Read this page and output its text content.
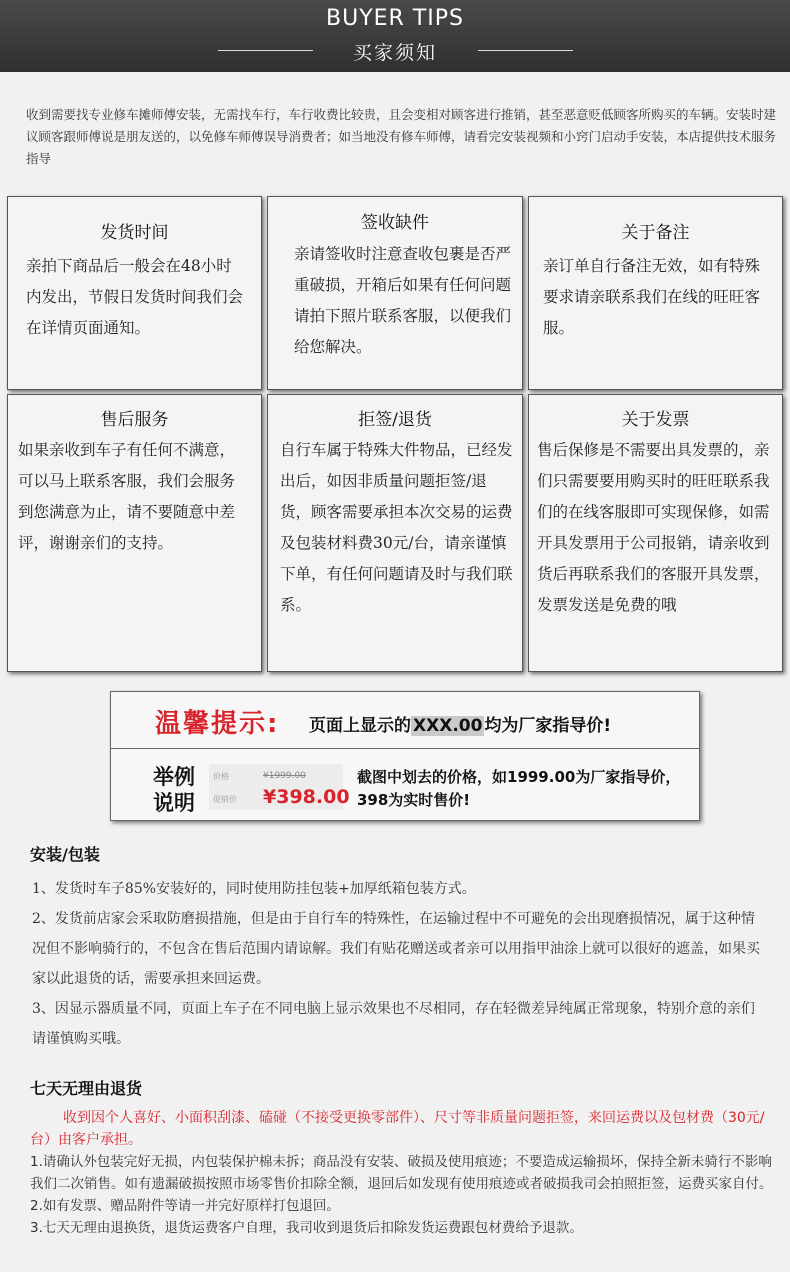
BUYER TIPS
买家须知
收到需要找专业修车摊师傅安装，无需找车行，车行收费比较贵，且会变相对顾客进行推销，甚至恶意贬低顾客所购买的车辆。安装时建议顾客跟师傅说是朋友送的，以免修车师傅误导消费者；如当地没有修车师傅，请看完安装视频和小窍门启动手安装，本店提供技术服务指导
发货时间
亲拍下商品后一般会在48小时内发出，节假日发货时间我们会在详情页面通知。
签收缺件
亲请签收时注意查收包裹是否严重破损，开箱后如果有任何问题请拍下照片联系客服，以便我们给您解决。
关于备注
亲订单自行备注无效，如有特殊要求请亲联系我们在线的旺旺客服。
售后服务
如果亲收到车子有任何不满意，可以马上联系客服，我们会服务到您满意为止，请不要随意中差评，谢谢亲们的支持。
拒签/退货
自行车属于特殊大件物品，已经发出后，如因非质量问题拒签/退货，顾客需要承担本次交易的运费及包装材料费30元/台，请亲谨慎下单，有任何问题请及时与我们联系。
关于发票
售后保修是不需要出具发票的，亲们只需要要用购买时的旺旺联系我们的在线客服即可实现保修，如需开具发票用于公司报销，请亲收到货后再联系我们的客服开具发票，发票发送是免费的哦
温馨提示: 页面上显示的 XXX.00 均为厂家指导价!
举例
说明
价格	¥1999.00
促销价 ¥398.00
截图中划去的价格，如1999.00为厂家指导价，398为实时售价!
安装/包装
1、发货时车子85%安装好的，同时使用防挂包装+加厚纸箱包装方式。
2、发货前店家会采取防磨损措施，但是由于自行车的特殊性，在运输过程中不可避免的会出现磨损情况，属于这种情况但不影响骑行的，不包含在售后范围内请谅解。我们有贴花赠送或者亲可以用指甲油涂上就可以很好的遮盖，如果买家以此退货的话，需要承担来回运费。
3、因显示器质量不同，页面上车子在不同电脑上显示效果也不尽相同，存在轻微差异纯属正常现象，特别介意的亲们请谨慎购买哦。
七天无理由退货
收到因个人喜好、小面积刮漆、磕碰（不接受更换零部件）、尺寸等非质量问题拒签，来回运费以及包材费（30元/台）由客户承担。
1.请确认外包装完好无损，内包装保护棉未拆；商品没有安装、破损及使用痕迹；不要造成运输损坏，保持全新未骑行不影响我们二次销售。如有遗漏破损按照市场零售价扣除全额，退回后如发现有使用痕迹或者破损我司会拍照拒签，运费买家自付。
2.如有发票、赠品附件等请一并完好原样打包退回。
3.七天无理由退换货，退货运费客户自理，我司收到退货后扣除发货运费跟包材费给予退款。
